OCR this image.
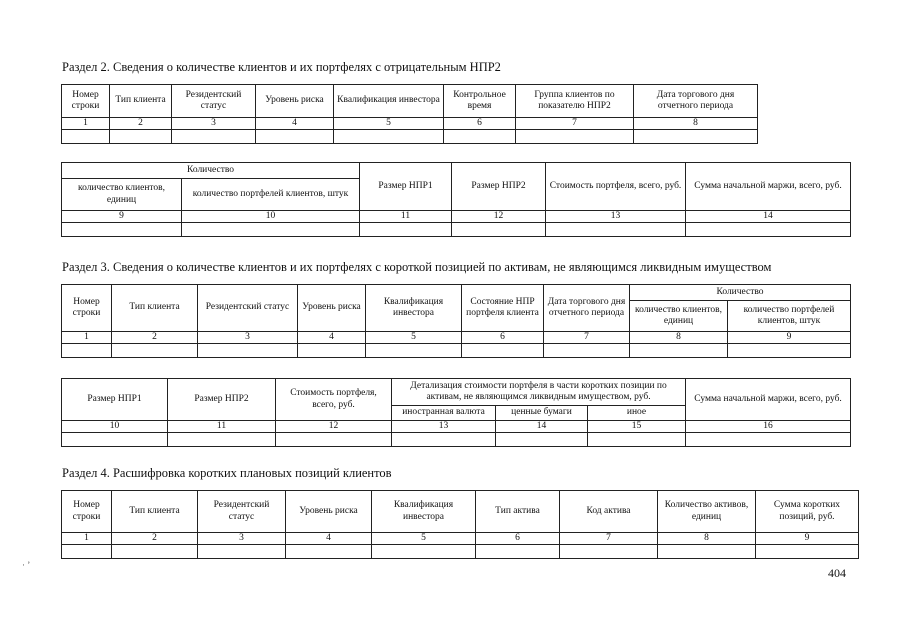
Раздел 2. Сведения о количестве клиентов и их портфелях с отрицательным НПР2
Номер строки	Тип клиента	Резидентский статус	Уровень риска	Квалификация инвестора	Контрольное время	Группа клиентов по показателю НПР2	Дата торгового дня отчетного периода
1	2	3	4	5	6	7	8

Количество		Размер НПР1	Размер НПР2	Стоимость портфеля, всего, руб.	Сумма начальной маржи, всего, руб.
количество клиентов, единиц	количество портфелей клиентов, штук				
9	10	11	12	13	14

Раздел 3. Сведения о количестве клиентов и их портфелях с короткой позицией по активам, не являющимся ликвидным имуществом
Номер строки	Тип клиента	Резидентский статус	Уровень риска	Квалификация инвестора	Состояние НПР портфеля клиента	Дата торгового дня отчетного периода	Количество	
							количество клиентов, единиц	количество портфелей клиентов, штук
1	2	3	4	5	6	7	8	9

Размер НПР1	Размер НПР2	Стоимость портфеля, всего, руб.	Детализация стоимости портфеля в части коротких позиции по активам, не являющимся ликвидным имуществом, руб.			Сумма начальной маржи, всего, руб.
			иностранная валюта	ценные бумаги	иное	
10	11	12	13	14	15	16

Раздел 4. Расшифровка коротких плановых позиций клиентов
Номер строки	Тип клиента	Резидентский статус	Уровень риска	Квалификация инвестора	Тип актива	Код актива	Количество активов, единиц	Сумма коротких позиций, руб.
1	2	3	4	5	6	7	8	9

· ’
404
